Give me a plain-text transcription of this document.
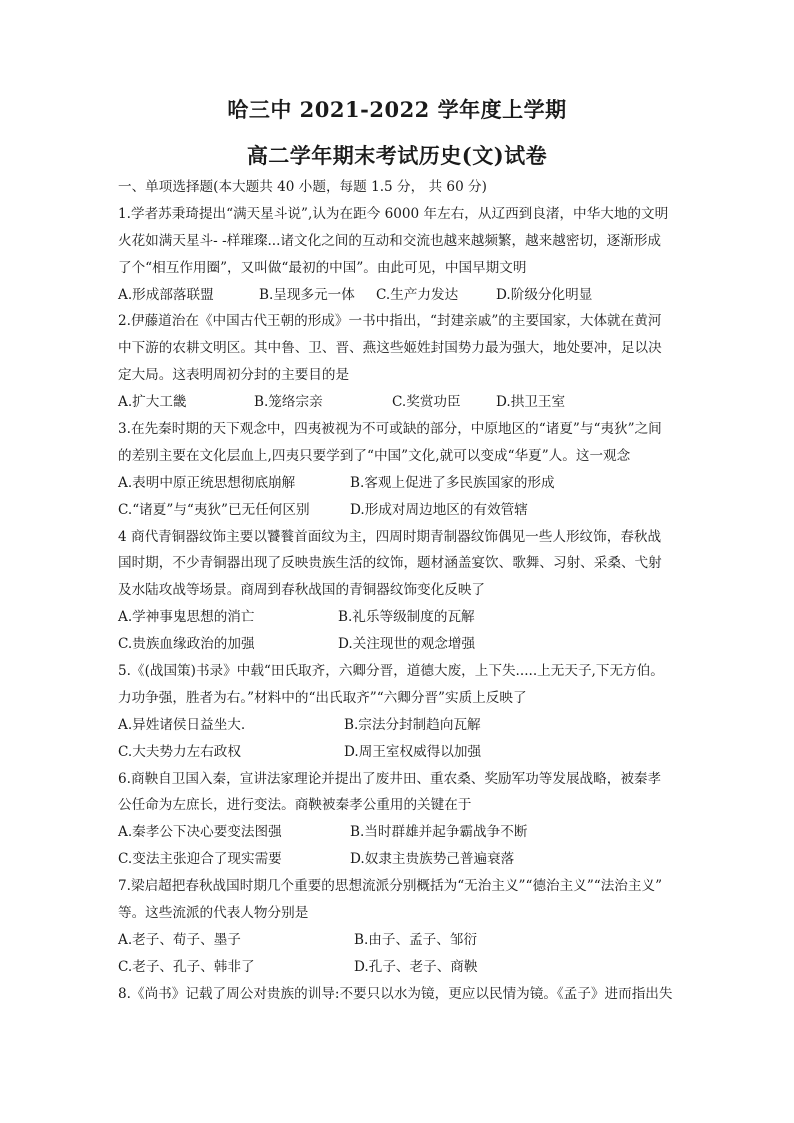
哈三中 2021-2022 学年度上学期
高二学年期末考试历史(文)试卷
一、单项选择题(本大题共 40 小题，每题 1.5 分， 共 60 分)
1.学者苏秉琦提出“满天星斗说”,认为在距今 6000 年左右，从辽西到良渚，中华大地的文明
火花如满天星斗- -样璀璨...诸文化之间的互动和交流也越来越频繁，越来越密切，逐渐形成
了个“相互作用圈”，又叫做“最初的中国”。由此可见，中国早期文明
A.形成部落联盟	B.呈现多元一体 C.生产力发达	D.阶级分化明显
2.伊藤道治在《中国古代王朝的形成》一书中指出，“封建亲戚”的主要国家，大体就在黄河
中下游的农耕文明区。其中鲁、卫、晋、燕这些姬姓封国势力最为强大，地处要冲，足以决
定大局。这表明周初分封的主要目的是
A.扩大工畿	B.笼络宗亲	C.奖赏功臣	D.拱卫王室
3.在先秦时期的天下观念中，四夷被视为不可或缺的部分，中原地区的“诸夏”与“夷狄”之间
的差别主要在文化层血上,四夷只要学到了“中国”文化,就可以变成“华夏”人。这一观念
A.表明中原正统思想彻底崩解	B.客观上促进了多民族国家的形成
C.“诸夏”与“夷狄”已无任何区别	D.形成对周边地区的有效管辖
4 商代青铜器纹饰主要以饕餮首面纹为主，四周时期青制器纹饰偶见一些人形纹饰，春秋战
国时期，不少青铜器出现了反映贵族生活的纹饰，题材涵盖宴饮、歌舞、习射、采桑、弋射
及水陆攻战等场景。商周到春秋战国的青铜器纹饰变化反映了
A.学神事鬼思想的消亡	B.礼乐等级制度的瓦解
C.贵族血缘政治的加强	D.关注现世的观念增强
5.《(战国策)书录》中载“田氏取齐，六卿分晋，道德大废，上下失.....上无天子,下无方伯。
力功争强，胜者为右。”材料中的“出氏取齐”“六卿分晋”实质上反映了
A.异姓诸侯日益坐大.	B.宗法分封制趋向瓦解
C.大夫势力左右政权	D.周王室权威得以加强
6.商鞅自卫国入秦，宣讲法家理论并提出了废井田、重农桑、奖励军功等发展战略，被秦孝
公任命为左庶长，进行变法。商鞅被秦孝公重用的关键在于
A.秦孝公下决心要变法图强	B.当时群雄并起争霸战争不断
C.变法主张迎合了现实需要	D.奴隶主贵族势己普遍衰落
7.梁启超把春秋战国时期几个重要的思想流派分别概括为“无治主义”“德治主义”“法治主义”
等。这些流派的代表人物分别是
A.老子、荀子、墨子	B.由子、孟子、邹衍
C.老子、孔子、韩非了	D.孔子、老子、商鞅
8.《尚书》记载了周公对贵族的训导:不要只以水为镜，更应以民情为镜。《孟子》进而指出失
